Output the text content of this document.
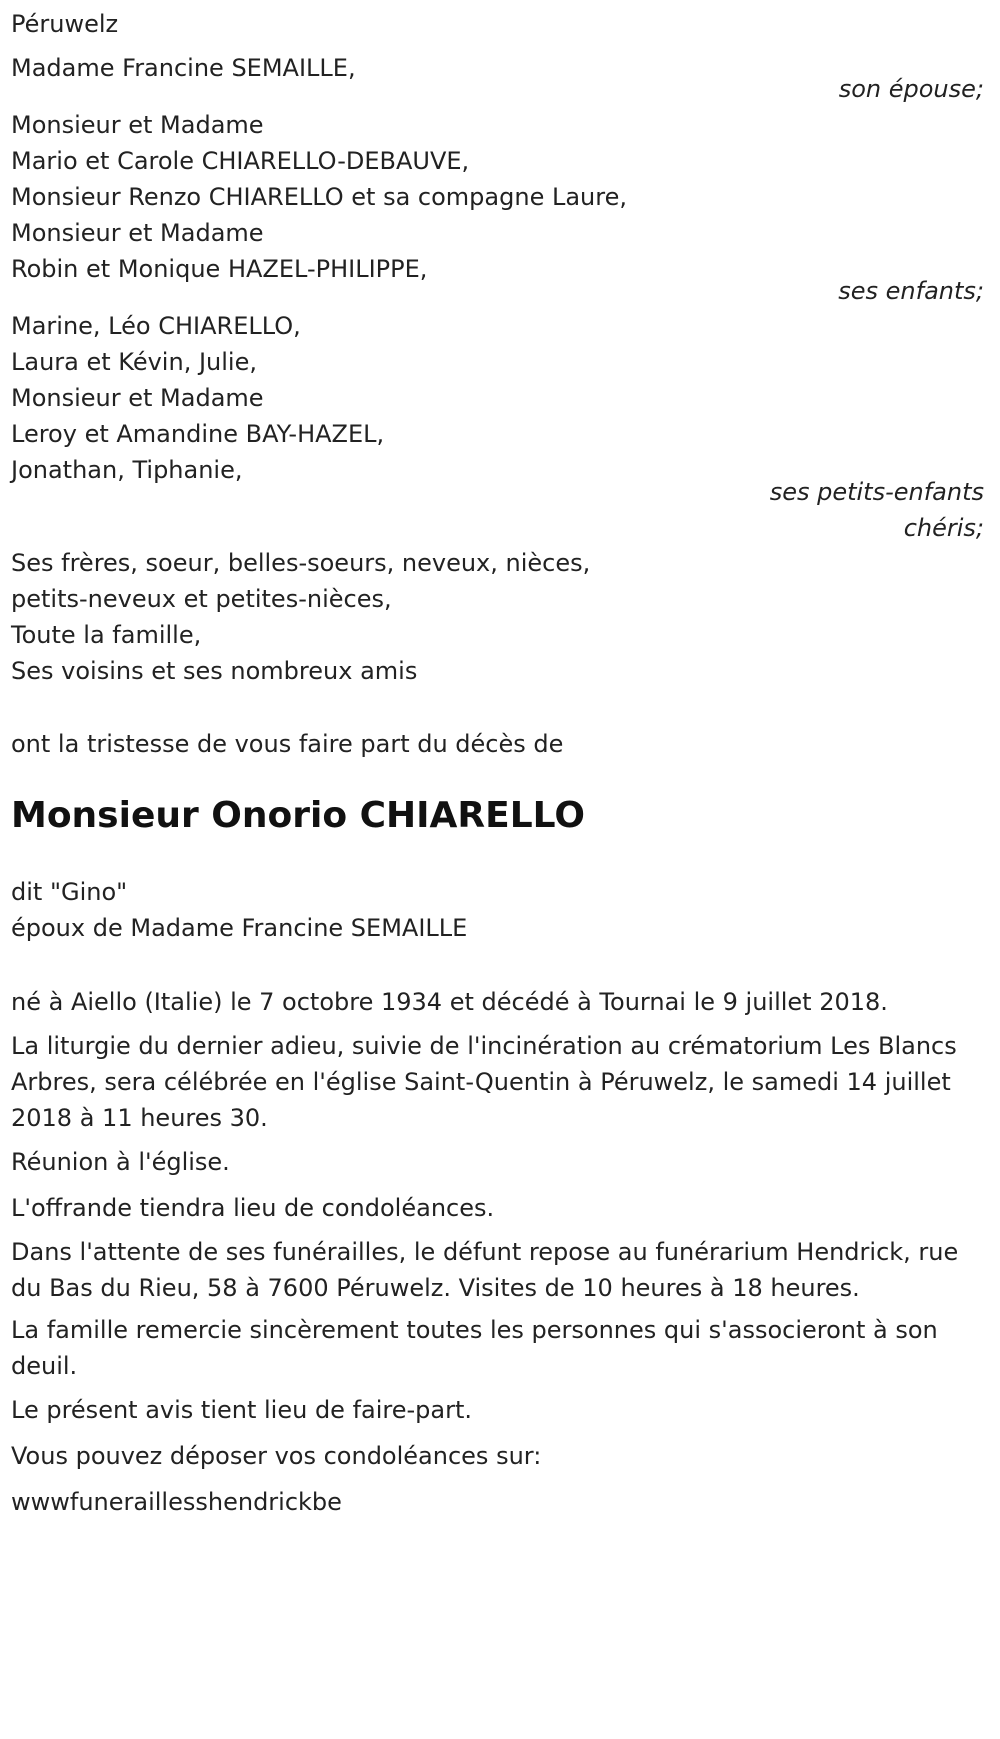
Péruwelz
Madame Francine SEMAILLE,
son épouse;
Monsieur et Madame
Mario et Carole CHIARELLO-DEBAUVE,
Monsieur Renzo CHIARELLO et sa compagne Laure,
Monsieur et Madame
Robin et Monique HAZEL-PHILIPPE,
ses enfants;
Marine, Léo CHIARELLO,
Laura et Kévin, Julie,
Monsieur et Madame
Leroy et Amandine BAY-HAZEL,
Jonathan, Tiphanie,
ses petits-enfants
chéris;
Ses frères, soeur, belles-soeurs, neveux, nièces,
petits-neveux et petites-nièces,
Toute la famille,
Ses voisins et ses nombreux amis
ont la tristesse de vous faire part du décès de
Monsieur Onorio CHIARELLO
dit "Gino"
époux de Madame Francine SEMAILLE
né à Aiello (Italie) le 7 octobre 1934 et décédé à Tournai le 9 juillet 2018.
La liturgie du dernier adieu, suivie de l'incinération au crématorium Les Blancs Arbres, sera célébrée en l'église Saint-Quentin à Péruwelz, le samedi 14 juillet 2018 à 11 heures 30.
Réunion à l'église.
L'offrande tiendra lieu de condoléances.
Dans l'attente de ses funérailles, le défunt repose au funérarium Hendrick, rue du Bas du Rieu, 58 à 7600 Péruwelz. Visites de 10 heures à 18 heures.
La famille remercie sincèrement toutes les personnes qui s'associeront à son deuil.
Le présent avis tient lieu de faire-part.
Vous pouvez déposer vos condoléances sur:
wwwfuneraillesshendrickbe
